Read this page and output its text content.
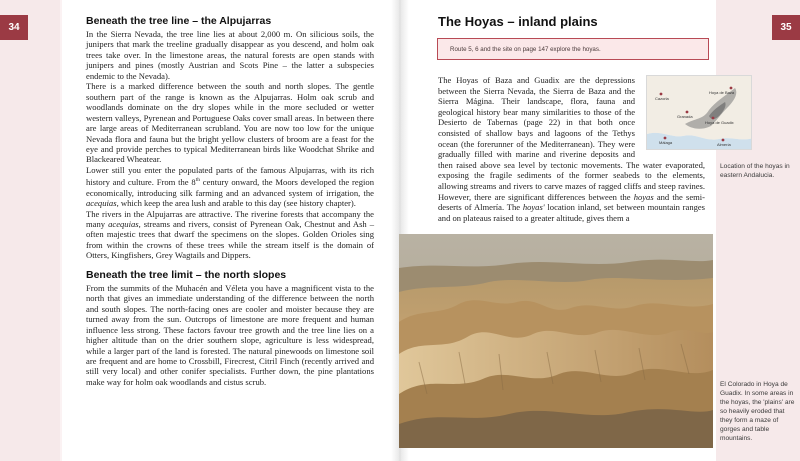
34
Beneath the tree line – the Alpujarras

In the Sierra Nevada, the tree line lies at about 2,000 m. On silicious soils, the junipers that mark the treeline gradually disappear as you descend, and holm oak trees take over. In the limestone areas, the natural forests are open stands with junipers and pines (mostly Austrian and Scots Pine – the latter a subspecies endemic to the Nevada).

There is a marked difference between the south and north slopes. The gentle southern part of the range is known as the Alpujarras. Holm oak scrub and woodlands dominate on the dry slopes while in the more secluded or wetter western valleys, Pyrenean and Portuguese Oaks cover small areas. In between there are large areas of Mediterranean scrubland. You are now too low for the unique Nevada flora and fauna but the bright yellow clusters of broom are a feast for the eye and provide perches to typical Mediterranean birds like Woodchat Shrike and Blackeared Wheatear.

Lower still you enter the populated parts of the famous Alpujarras, with its rich history and culture. From the 8th century onward, the Moors developed the region economically, introducing silk farming and an advanced system of irrigation, the acequias, which keep the area lush and arable to this day (see history chapter).

The rivers in the Alpujarras are attractive. The riverine forests that accompany the many acequias, streams and rivers, consist of Pyrenean Oak, Chestnut and Ash – often majestic trees that dwarf the specimens on the slopes. Golden Orioles sing from within the crowns of these trees while the stream itself is the domain of Otters, Kingfishers, Grey Wagtails and Dippers.

Beneath the tree limit – the north slopes

From the summits of the Muhacén and Véleta you have a magnificent vista to the north that gives an immediate understanding of the difference between the north and south slopes. The north-facing ones are cooler and moister because they are turned away from the sun. Outcrops of limestone are more frequent and human influence less strong. These factors favour tree growth and the tree line lies on a higher altitude than on the drier southern slope, agriculture is less widespread, while a larger part of the land is forested. The natural pinewoods on limestone soil are frequent and are home to Crossbill, Firecrest, Citril Finch (recently arrived and still very local) and other conifer specialists. Further down, the pine plantations make way for holm oak woodlands and cistus scrub.

35
The Hoyas – inland plains
Route 5, 6 and the site on page 147 explore the hoyas.

The Hoyas of Baza and Guadix are the depressions between the Sierra Nevada, the Sierra de Baza and the Sierra Mágina. Their landscape, flora, fauna and geological history bear many similarities to those of the Desierto de Tabernas (page 22) in that both once consisted of shallow bays and lagoons of the Tethys ocean (the forerunner of the Mediterranean). They were gradually filled with marine and riverine deposits and then raised above sea level by tectonic movements. The water evaporated, exposing the fragile sediments of the former seabeds to the elements, allowing streams and rivers to carve mazes of ragged cliffs and steep ravines. However, there are significant differences between the hoyas and the semi-deserts of Almería. The hoyas' location inland, set between mountain ranges and on plateaus raised to a greater altitude, gives them a

Cazorla
Hoya de Baza
Granada
Hoya de Guadix
Málaga	Almería
Location of the hoyas in eastern Andalucia.
El Colorado in Hoya de Guadix. In some areas in the hoyas, the 'plains' are so heavily eroded that they form a maze of gorges and table mountains.
